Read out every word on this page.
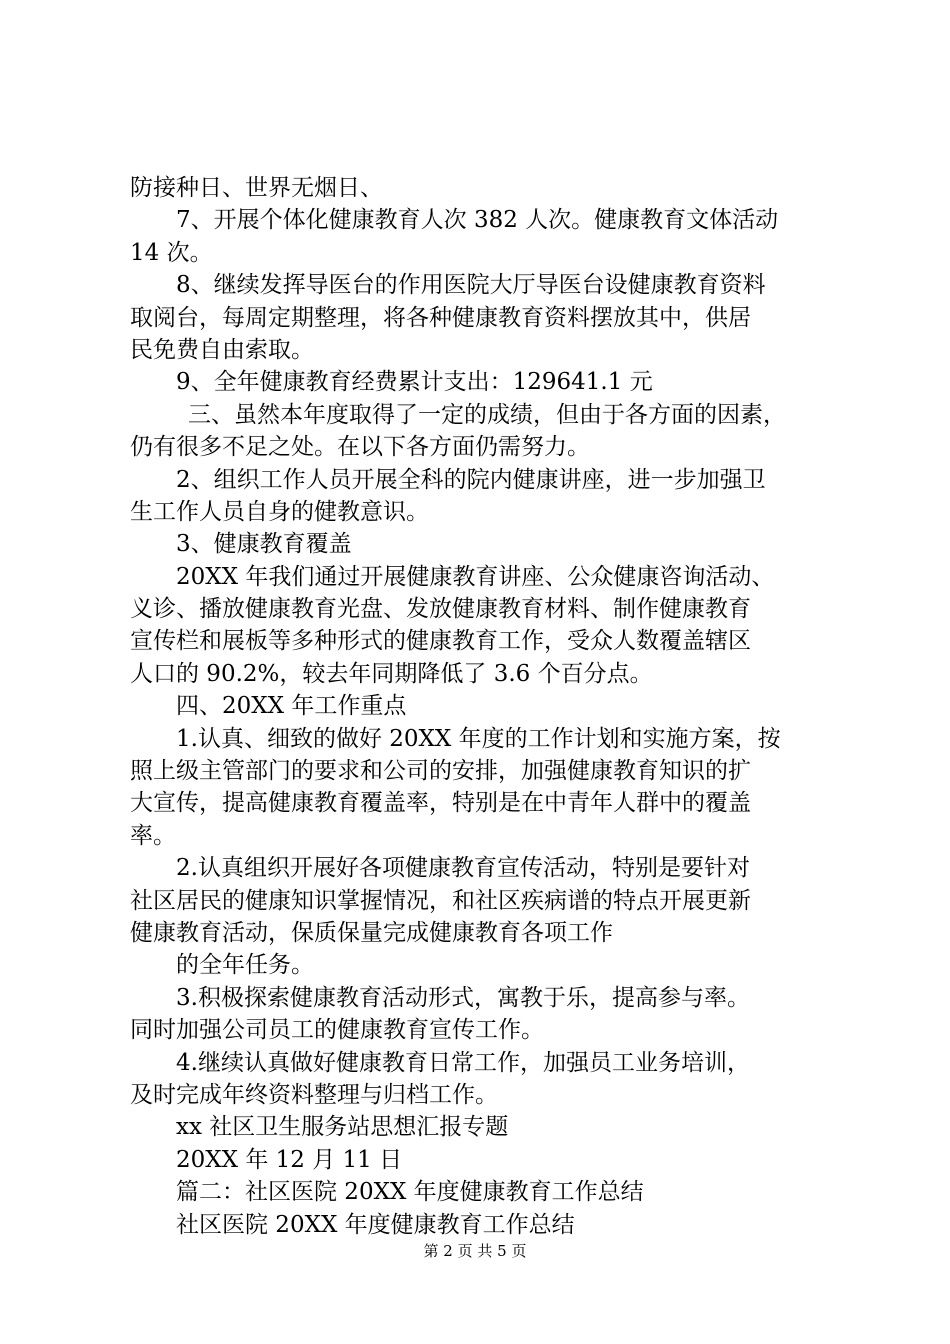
防接种日、世界无烟日、
7、开展个体化健康教育人次 382 人次。健康教育文体活动
14 次。
8、继续发挥导医台的作用医院大厅导医台设健康教育资料
取阅台，每周定期整理，将各种健康教育资料摆放其中，供居
民免费自由索取。
9、全年健康教育经费累计支出：129641.1 元
三、虽然本年度取得了一定的成绩，但由于各方面的因素，
仍有很多不足之处。在以下各方面仍需努力。
2、组织工作人员开展全科的院内健康讲座，进一步加强卫
生工作人员自身的健教意识。
3、健康教育覆盖
20XX 年我们通过开展健康教育讲座、公众健康咨询活动、
义诊、播放健康教育光盘、发放健康教育材料、制作健康教育
宣传栏和展板等多种形式的健康教育工作，受众人数覆盖辖区
人口的 90.2%，较去年同期降低了 3.6 个百分点。
四、20XX 年工作重点
1.认真、细致的做好 20XX 年度的工作计划和实施方案，按
照上级主管部门的要求和公司的安排，加强健康教育知识的扩
大宣传，提高健康教育覆盖率，特别是在中青年人群中的覆盖
率。
2.认真组织开展好各项健康教育宣传活动，特别是要针对
社区居民的健康知识掌握情况，和社区疾病谱的特点开展更新
健康教育活动，保质保量完成健康教育各项工作
的全年任务。
3.积极探索健康教育活动形式，寓教于乐，提高参与率。
同时加强公司员工的健康教育宣传工作。
4.继续认真做好健康教育日常工作，加强员工业务培训，
及时完成年终资料整理与归档工作。
xx 社区卫生服务站思想汇报专题
20XX 年 12 月 11 日
篇二：社区医院 20XX 年度健康教育工作总结
社区医院 20XX 年度健康教育工作总结
第 2 页 共 5 页
